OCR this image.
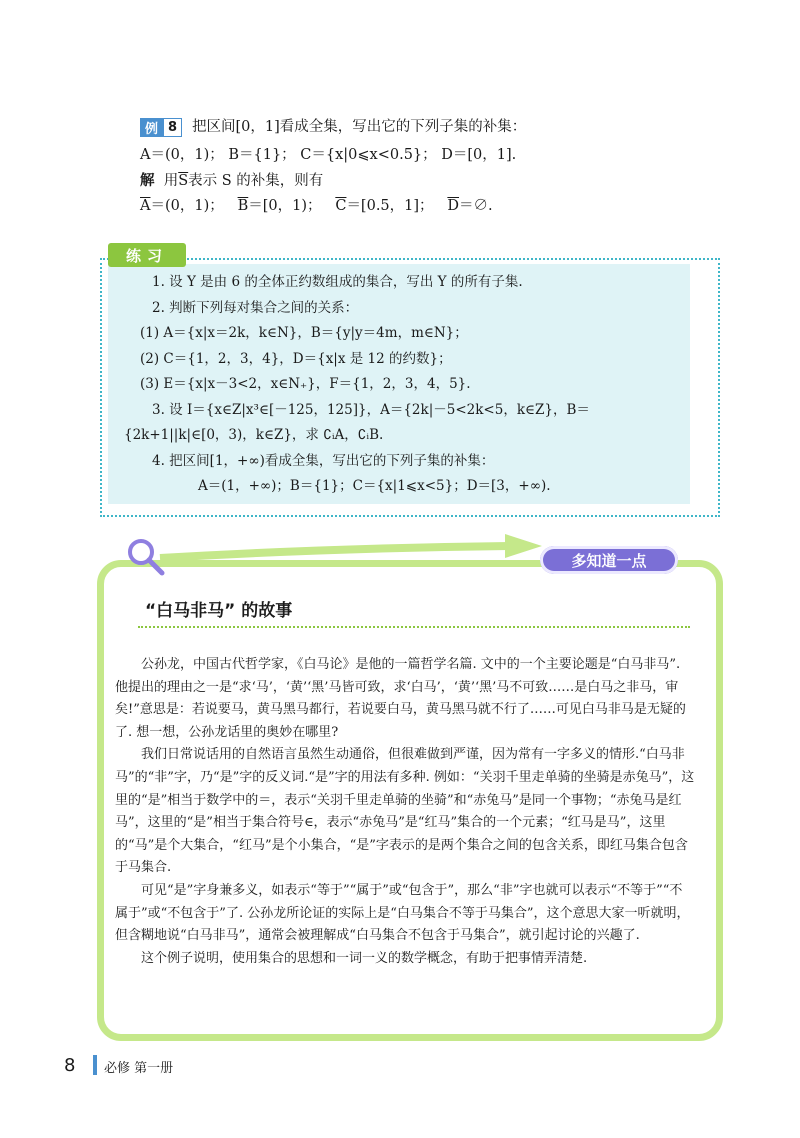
例 8	把区间[0，1]看成全集，写出它的下列子集的补集：
A＝(0，1)； B＝{1}； C＝{x|0⩽x<0.5}； D＝[0，1].
解 用$\overline{S}$表示 S 的补集，则有
$\overline{A}=(0$，1)； $\overline{B}=[0$，1)； $\overline{C}=[0.5$，1]； $\overline{D}=\emptyset$.
练习
1. 设 Y 是由 6 的全体正约数组成的集合，写出 Y 的所有子集.
2. 判断下列每对集合之间的关系：
(1) A＝{x|x＝2k，k∈N}，B＝{y|y＝4m，m∈N}；
(2) C＝{1，2，3，4}，D＝{x|x 是 12 的约数}；
(3) E＝{x|x－3<2，x∈N₊}，F＝{1，2，3，4，5}.
3. 设 I＝{x∈Z|x³∈[－125，125]}，A＝{2k|－5<2k<5，k∈Z}，B＝
{2k+1||k|∈[0，3)，k∈Z}，求 ∁ᵢA，∁ᵢB.
4. 把区间[1，+∞)看成全集，写出它的下列子集的补集：
A＝(1，+∞)；B＝{1}；C＝{x|1⩽x<5}；D＝[3，+∞).
多知道一点
“白马非马” 的故事

公孙龙，中国古代哲学家，《白马论》是他的一篇哲学名篇. 文中的一个主要论题是“白马非马”. 他提出的理由之一是“求‘马’，‘黄’‘黑’马皆可致，求‘白马’，‘黄’‘黑’马不可致……是白马之非马，审矣!”意思是：若说要马，黄马黑马都行，若说要白马，黄马黑马就不行了……可见白马非马是无疑的了. 想一想，公孙龙话里的奥妙在哪里?

我们日常说话用的自然语言虽然生动通俗，但很难做到严谨，因为常有一字多义的情形.“白马非马”的“非”字，乃“是”字的反义词.“是”字的用法有多种. 例如：“关羽千里走单骑的坐骑是赤兔马”，这里的“是”相当于数学中的＝，表示“关羽千里走单骑的坐骑”和“赤兔马”是同一个事物；“赤兔马是红马”，这里的“是”相当于集合符号∈，表示“赤兔马”是“红马”集合的一个元素；“红马是马”，这里的“马”是个大集合，“红马”是个小集合，“是”字表示的是两个集合之间的包含关系，即红马集合包含于马集合.

可见“是”字身兼多义，如表示“等于”“属于”或“包含于”，那么“非”字也就可以表示“不等于”“不属于”或“不包含于”了. 公孙龙所论证的实际上是“白马集合不等于马集合”，这个意思大家一听就明，但含糊地说“白马非马”，通常会被理解成“白马集合不包含于马集合”，就引起讨论的兴趣了.

这个例子说明，使用集合的思想和一词一义的数学概念，有助于把事情弄清楚.

8 必修 第一册
